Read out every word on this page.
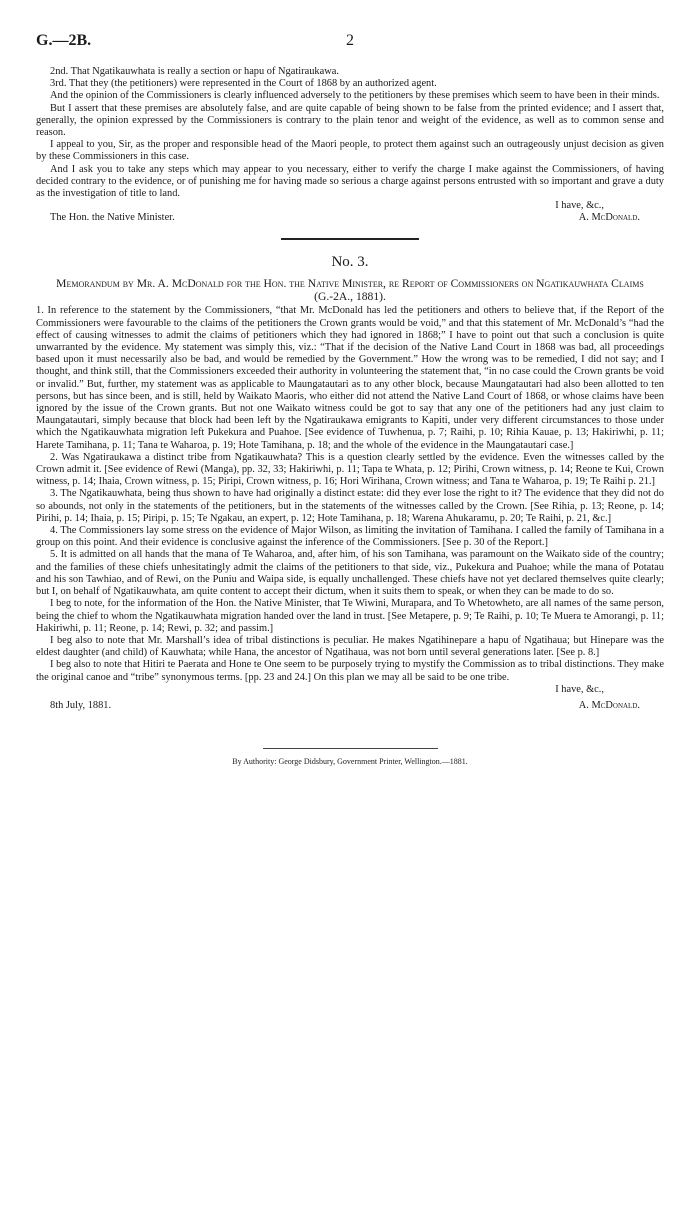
G.—2B.	2

2nd. That Ngatikauwhata is really a section or hapu of Ngatiraukawa.

3rd. That they (the petitioners) were represented in the Court of 1868 by an authorized agent.

And the opinion of the Commissioners is clearly influenced adversely to the petitioners by these premises which seem to have been in their minds.

But I assert that these premises are absolutely false, and are quite capable of being shown to be false from the printed evidence; and I assert that, generally, the opinion expressed by the Commissioners is contrary to the plain tenor and weight of the evidence, as well as to common sense and reason.

I appeal to you, Sir, as the proper and responsible head of the Maori people, to protect them against such an outrageously unjust decision as given by these Commissioners in this case.

And I ask you to take any steps which may appear to you necessary, either to verify the charge I make against the Commissioners, of having decided contrary to the evidence, or of punishing me for having made so serious a charge against persons entrusted with so important and grave a duty as the investigation of title to land.

I have, &c.,
The Hon. the Native Minister.	A. McDonald.
No. 3.
Memorandum by Mr. A. McDonald for the Hon. the Native Minister, re Report of Commissioners on Ngatikauwhata Claims (G.-2A., 1881).

1. In reference to the statement by the Commissioners, “that Mr. McDonald has led the petitioners and others to believe that, if the Report of the Commissioners were favourable to the claims of the petitioners the Crown grants would be void,” and that this statement of Mr. McDonald’s “had the effect of causing witnesses to admit the claims of petitioners which they had ignored in 1868;” I have to point out that such a conclusion is quite unwarranted by the evidence. My statement was simply this, viz.: “That if the decision of the Native Land Court in 1868 was bad, all proceedings based upon it must necessarily also be bad, and would be remedied by the Government.” How the wrong was to be remedied, I did not say; and I thought, and think still, that the Commissioners exceeded their authority in volunteering the statement that, “in no case could the Crown grants be void or invalid.” But, further, my statement was as applicable to Maungatautari as to any other block, because Maungatautari had also been allotted to ten persons, but has since been, and is still, held by Waikato Maoris, who either did not attend the Native Land Court of 1868, or whose claims have been ignored by the issue of the Crown grants. But not one Waikato witness could be got to say that any one of the petitioners had any just claim to Maungatautari, simply because that block had been left by the Ngatiraukawa emigrants to Kapiti, under very different circumstances to those under which the Ngatikauwhata migration left Pukekura and Puahoe. [See evidence of Tuwhenua, p. 7; Raihi, p. 10; Rihia Kauae, p. 13; Hakiriwhi, p. 11; Harete Tamihana, p. 11; Tana te Waharoa, p. 19; Hote Tamihana, p. 18; and the whole of the evidence in the Maungatautari case.]

2. Was Ngatiraukawa a distinct tribe from Ngatikauwhata? This is a question clearly settled by the evidence. Even the witnesses called by the Crown admit it. [See evidence of Rewi (Manga), pp. 32, 33; Hakiriwhi, p. 11; Tapa te Whata, p. 12; Pirihi, Crown witness, p. 14; Reone te Kui, Crown witness, p. 14; Ihaia, Crown witness, p. 15; Piripi, Crown witness, p. 16; Hori Wirihana, Crown witness; and Tana te Waharoa, p. 19; Te Raihi p. 21.]

3. The Ngatikauwhata, being thus shown to have had originally a distinct estate: did they ever lose the right to it? The evidence that they did not do so abounds, not only in the statements of the petitioners, but in the statements of the witnesses called by the Crown. [See Rihia, p. 13; Reone, p. 14; Pirihi, p. 14; Ihaia, p. 15; Piripi, p. 15; Te Ngakau, an expert, p. 12; Hote Tamihana, p. 18; Warena Ahukaramu, p. 20; Te Raihi, p. 21, &c.]

4. The Commissioners lay some stress on the evidence of Major Wilson, as limiting the invitation of Tamihana. I called the family of Tamihana in a group on this point. And their evidence is conclusive against the inference of the Commissioners. [See p. 30 of the Report.]

5. It is admitted on all hands that the mana of Te Waharoa, and, after him, of his son Tamihana, was paramount on the Waikato side of the country; and the families of these chiefs unhesitatingly admit the claims of the petitioners to that side, viz., Pukekura and Puahoe; while the mana of Potatau and his son Tawhiao, and of Rewi, on the Puniu and Waipa side, is equally unchallenged. These chiefs have not yet declared themselves quite clearly; but I, on behalf of Ngatikauwhata, am quite content to accept their dictum, when it suits them to speak, or when they can be made to do so.

I beg to note, for the information of the Hon. the Native Minister, that Te Wiwini, Murapara, and To Whetowheto, are all names of the same person, being the chief to whom the Ngatikauwhata migration handed over the land in trust. [See Metapere, p. 9; Te Raihi, p. 10; Te Muera te Amorangi, p. 11; Hakiriwhi, p. 11; Reone, p. 14; Rewi, p. 32; and passim.]

I beg also to note that Mr. Marshall’s idea of tribal distinctions is peculiar. He makes Ngatihinepare a hapu of Ngatihaua; but Hinepare was the eldest daughter (and child) of Kauwhata; while Hana, the ancestor of Ngatihaua, was not born until several generations later. [See p. 8.]

I beg also to note that Hitiri te Paerata and Hone te One seem to be purposely trying to mystify the Commission as to tribal distinctions. They make the original canoe and “tribe” synonymous terms. [pp. 23 and 24.] On this plan we may all be said to be one tribe.

I have, &c.,
8th July, 1881.	A. McDonald.
By Authority: George Didsbury, Government Printer, Wellington.—1881.
